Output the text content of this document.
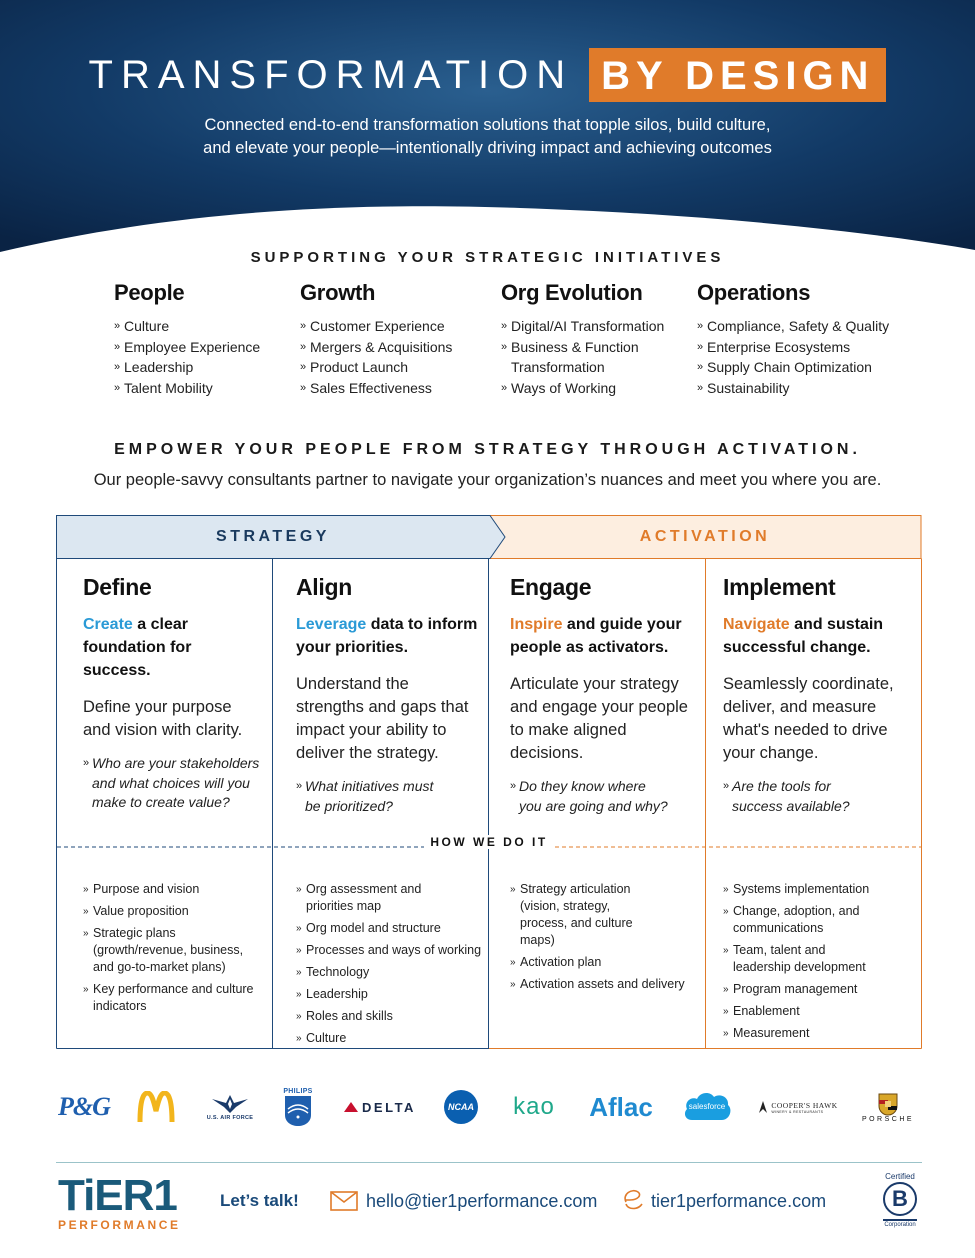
TRANSFORMATION BY DESIGN
Connected end-to-end transformation solutions that topple silos, build culture,
and elevate your people—intentionally driving impact and achieving outcomes
SUPPORTING YOUR STRATEGIC INITIATIVES
People
» Culture
» Employee Experience
» Leadership
» Talent Mobility
Growth
» Customer Experience
» Mergers & Acquisitions
» Product Launch
» Sales Effectiveness
Org Evolution
» Digital/AI Transformation
» Business & Function Transformation
» Ways of Working
Operations
» Compliance, Safety & Quality
» Enterprise Ecosystems
» Supply Chain Optimization
» Sustainability
EMPOWER YOUR PEOPLE FROM STRATEGY THROUGH ACTIVATION.
Our people-savvy consultants partner to navigate your organization’s nuances and meet you where you are.
STRATEGY	ACTIVATION
HOW WE DO IT
Define
Create a clear foundation for success.
Define your purpose and vision with clarity.
» Who are your stakeholders and what choices will you make to create value?
» Purpose and vision
» Value proposition
» Strategic plans (growth/revenue, business, and go-to-market plans)
» Key performance and culture indicators
Align
Leverage data to inform your priorities.
Understand the strengths and gaps that impact your ability to deliver the strategy.
» What initiatives must be prioritized?
» Org assessment and priorities map
» Org model and structure
» Processes and ways of working
» Technology
» Leadership
» Roles and skills
» Culture
Engage
Inspire and guide your people as activators.
Articulate your strategy and engage your people to make aligned decisions.
» Do they know where you are going and why?
» Strategy articulation (vision, strategy, process, and culture maps)
» Activation plan
» Activation assets and delivery
Implement
Navigate and sustain successful change.
Seamlessly coordinate, deliver, and measure what's needed to drive your change.
» Are the tools for success available?
» Systems implementation
» Change, adoption, and communications
» Team, talent and leadership development
» Program management
» Enablement
» Measurement
P&G	U.S. AIR FORCE
PHILIPS
DELTA	NCAA kao Aflac	salesforce	COOPER'S HAWK
WINERY & RESTAURANTS
PORSCHE
TiER1
PERFORMANCE
Let’s talk!	hello@tier1performance.com	tier1performance.com
Certified
B
Corporation
